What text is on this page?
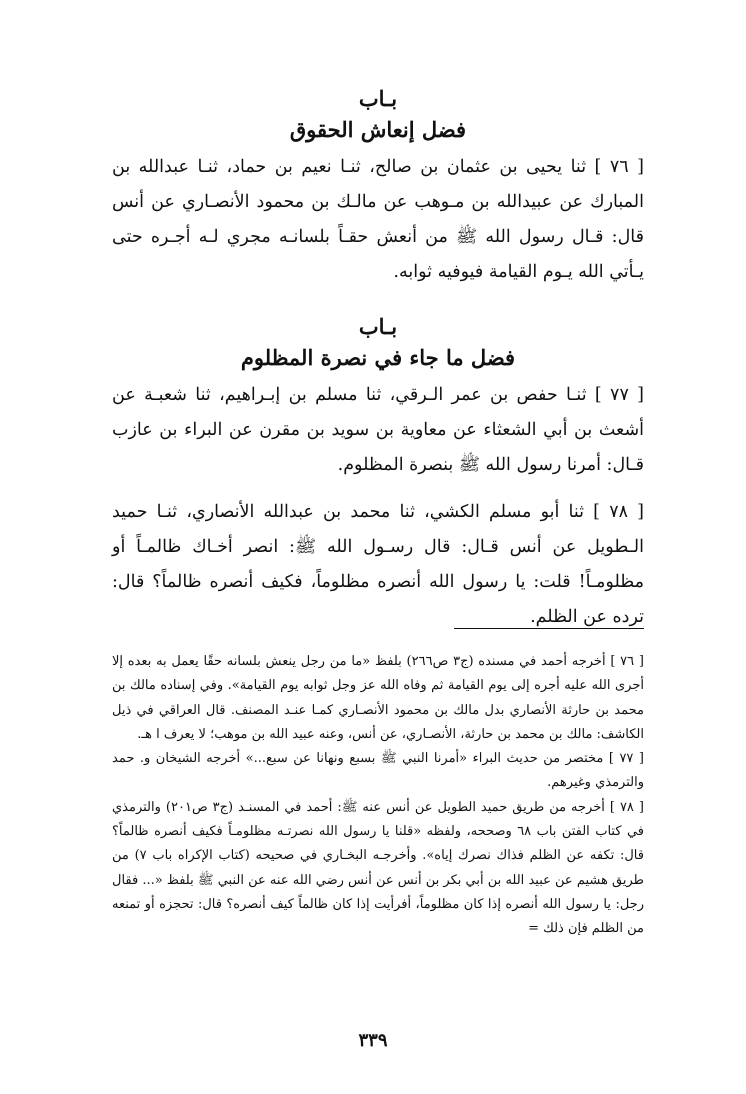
بـاب
فضل إنعاش الحقوق

[ ٧٦ ] ثنا يحيى بن عثمان بن صالح، ثنـا نعيم بن حماد، ثنـا عبدالله بن المبارك عن عبيدالله بن مـوهب عن مالـك بن محمود الأنصـاري عن أنس قال: قـال رسول الله ﷺ من أنعش حقـاً بلسانـه مجري لـه أجـره حتى يـأتي الله يـوم القيامة فيوفيه ثوابه.

بـاب
فضل ما جاء في نصرة المظلوم

[ ٧٧ ] ثنـا حفص بن عمر الـرقي، ثنا مسلم بن إبـراهيم، ثنا شعبـة عن أشعث بن أبي الشعثاء عن معاوية بن سويد بن مقرن عن البراء بن عازب قـال: أمرنا رسول الله ﷺ بنصرة المظلوم.

[ ٧٨ ] ثنا أبو مسلم الكشي، ثنا محمد بن عبدالله الأنصاري، ثنـا حميد الـطويل عن أنس قـال: قال رسـول الله ﷺ: انصر أخـاك ظالمـاً أو مظلومـاً! قلت: يا رسول الله أنصره مظلوماً، فكيف أنصره ظالماً؟ قال: ترده عن الظلم.

[ ٧٦ ] أخرجه أحمد في مسنده (ج٣ ص٢٦٦) بلفظ «ما من رجل ينعش بلسانه حقًا يعمل به بعده إلا أجرى الله عليه أجره إلى يوم القيامة ثم وفاه الله عز وجل ثوابه يوم القيامة». وفي إسناده مالك بن محمد بن حارثة الأنصاري بدل مالك بن محمود الأنصـاري كمـا عنـد المصنف. قال العراقي في ذيل الكاشف: مالك بن محمد بن حارثة، الأنصـاري، عن أنس، وعنه عبيد الله بن موهب؛ لا يعرف ا هـ.

[ ٧٧ ] مختصر من حديث البراء «أمرنا النبي ﷺ بسبع ونهانا عن سبع...» أخرجه الشيخان و. حمد والترمذي وغيرهم.

[ ٧٨ ] أخرجه من طريق حميد الطويل عن أنس عنه ﷺ: أحمد في المسنـد (ج٣ ص٢٠١) والترمذي في كتاب الفتن باب ٦٨ وصححه، ولفظه «قلنا يا رسول الله نصرتـه مظلومـاً فكيف أنصره ظالماً؟ قال: تكفه عن الظلم فذاك نصرك إياه». وأخرجـه البخـاري في صحيحه (كتاب الإكراه باب ٧) من طريق هشيم عن عبيد الله بن أبي بكر بن أنس عن أنس رضي الله عنه عن النبي ﷺ بلفظ «... فقال رجل: يا رسول الله أنصره إذا كان مظلوماً، أفرأيت إذا كان ظالماً كيف أنصره؟ قال: تحجزه أو تمنعه من الظلم فإن ذلك =

٣٣٩
